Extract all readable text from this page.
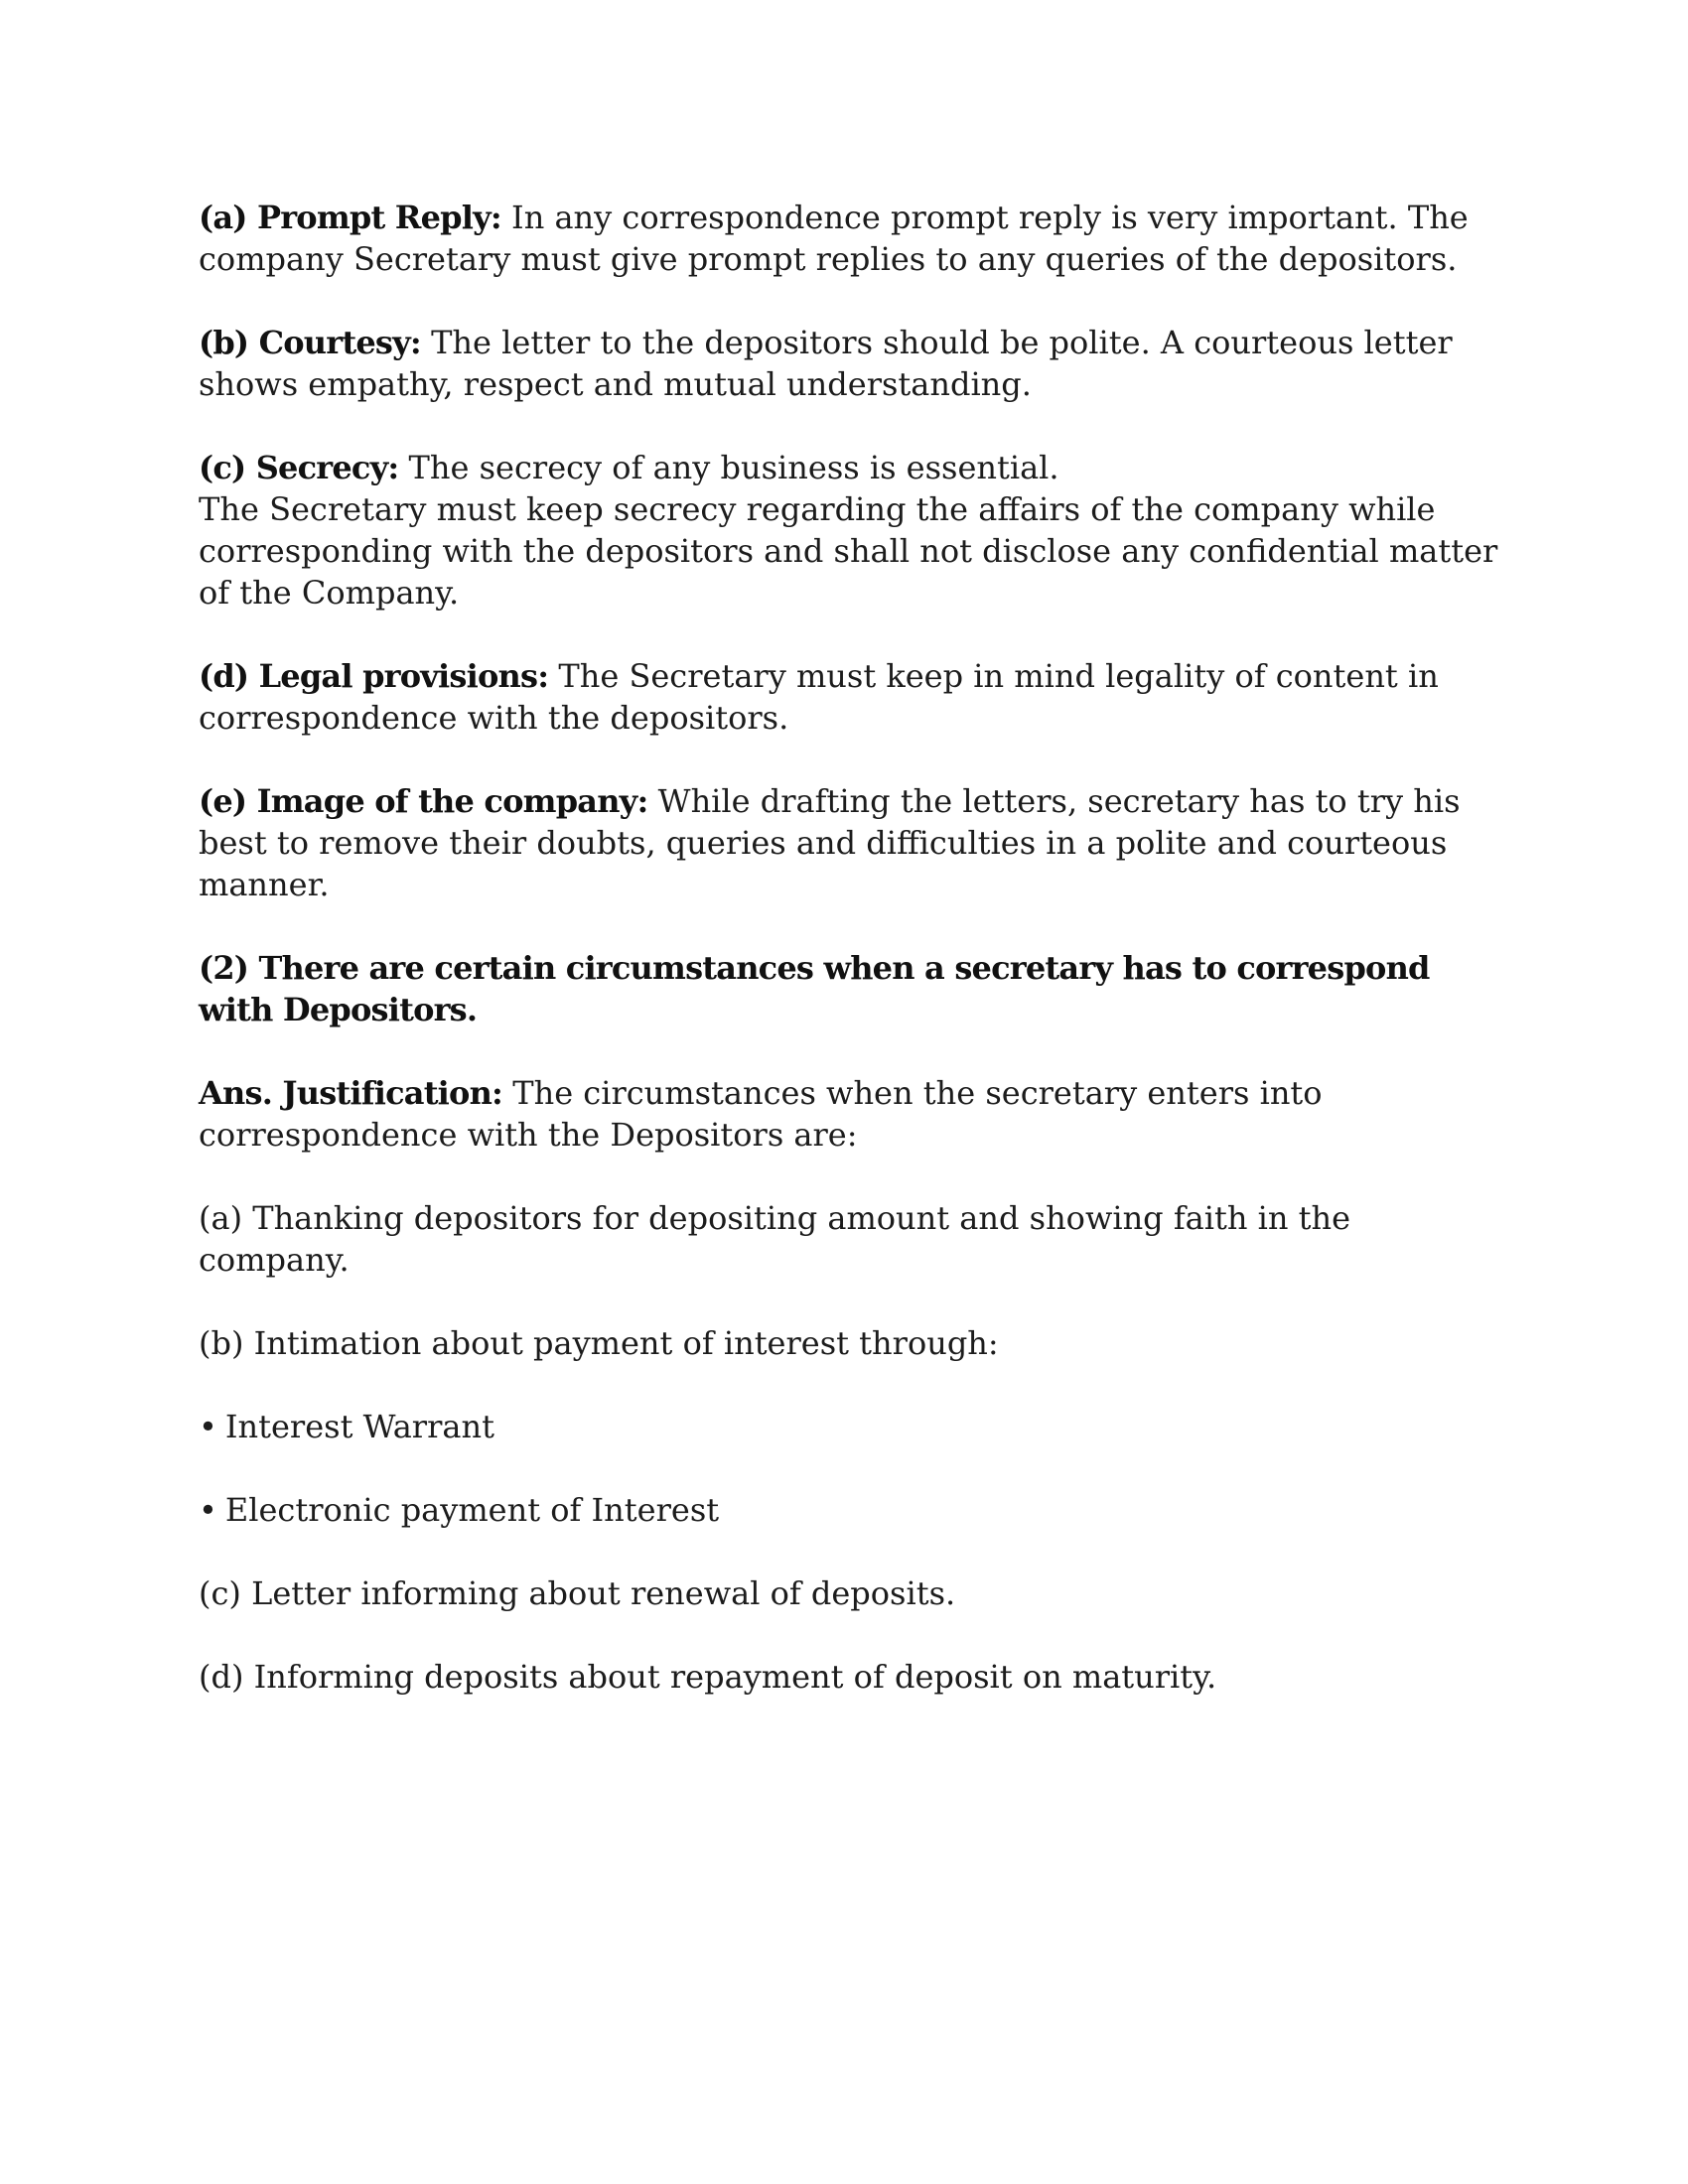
(a) Prompt Reply: In any correspondence prompt reply is very important. The company Secretary must give prompt replies to any queries of the depositors.

(b) Courtesy: The letter to the depositors should be polite. A courteous letter shows empathy, respect and mutual understanding.

(c) Secrecy: The secrecy of any business is essential.
The Secretary must keep secrecy regarding the affairs of the company while corresponding with the depositors and shall not disclose any confidential matter of the Company.

(d) Legal provisions: The Secretary must keep in mind legality of content in correspondence with the depositors.

(e) Image of the company: While drafting the letters, secretary has to try his best to remove their doubts, queries and difficulties in a polite and courteous manner.

(2) There are certain circumstances when a secretary has to correspond with Depositors.

Ans. Justification: The circumstances when the secretary enters into correspondence with the Depositors are:

(a) Thanking depositors for depositing amount and showing faith in the company.

(b) Intimation about payment of interest through:

• Interest Warrant

• Electronic payment of Interest

(c) Letter informing about renewal of deposits.

(d) Informing deposits about repayment of deposit on maturity.
